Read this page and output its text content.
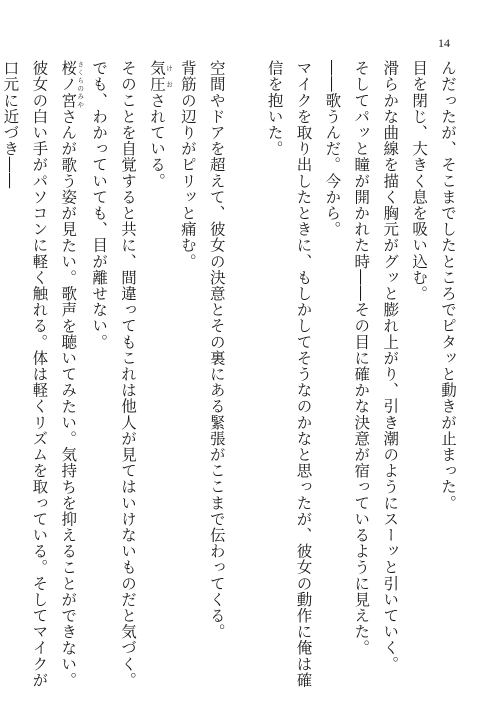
14
んだったが、そこまでしたところでピタッと動きが止まった。
目を閉じ、大きく息を吸い込む。
滑らかな曲線を描く胸元がグッと膨れ上がり、引き潮のようにスーッと引いていく。
そしてパッと瞳が開かれた時――その目に確かな決意が宿っているように見えた。
――歌うんだ。今から。
マイクを取り出したときに、もしかしてそうなのかなと思ったが、彼女の動作に俺は確
信を抱いた。
空間やドアを超えて、彼女の決意とその裏にある緊張がここまで伝わってくる。
背筋の辺りがピリッと痛む。
気圧 けおされている。
そのことを自覚すると共に、間違ってもこれは他人が見てはいけないものだと気づく。
でも、わかっていても、目が離せない。
桜ノ宮 さくらのみやさんが歌う姿が見たい。歌声を聴いてみたい。気持ちを抑えることができない。
彼女の白い手がパソコンに軽く触れる。体は軽くリズムを取っている。そしてマイクが
口元に近づき――
